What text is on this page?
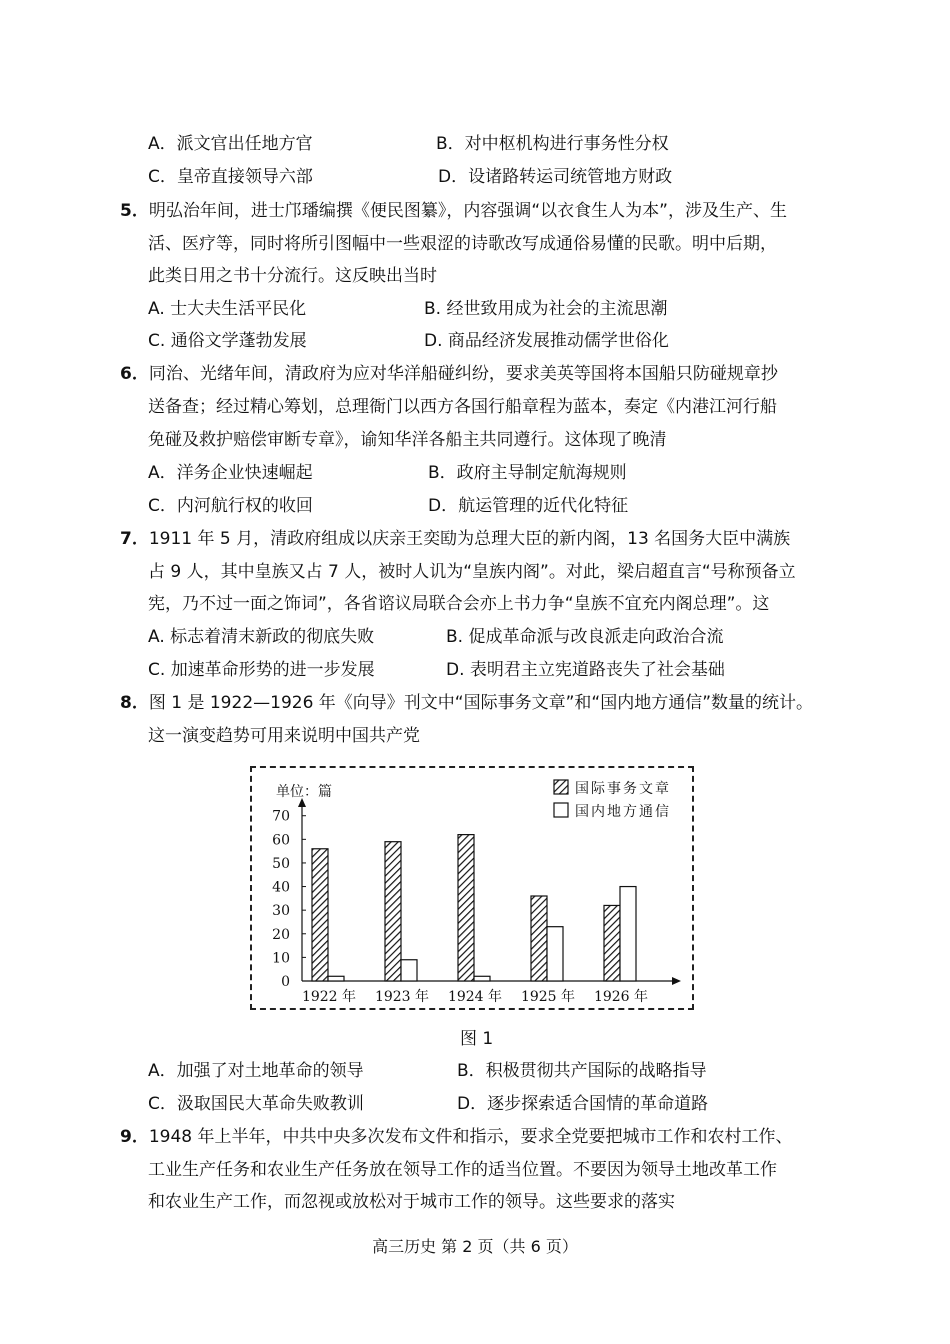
A．派文官出任地方官	B．对中枢机构进行事务性分权
C．皇帝直接领导六部	D．设诸路转运司统管地方财政
5．明弘治年间，进士邝璠编撰《便民图纂》，内容强调“以衣食生人为本”，涉及生产、生
活、医疗等，同时将所引图幅中一些艰涩的诗歌改写成通俗易懂的民歌。明中后期，
此类日用之书十分流行。这反映出当时
A. 士大夫生活平民化	B. 经世致用成为社会的主流思潮
C. 通俗文学蓬勃发展	D. 商品经济发展推动儒学世俗化
6．同治、光绪年间，清政府为应对华洋船碰纠纷，要求美英等国将本国船只防碰规章抄
送备查；经过精心筹划，总理衙门以西方各国行船章程为蓝本，奏定《内港江河行船
免碰及救护赔偿审断专章》，谕知华洋各船主共同遵行。这体现了晚清
A．洋务企业快速崛起	B．政府主导制定航海规则
C．内河航行权的收回	D．航运管理的近代化特征
7．1911 年 5 月，清政府组成以庆亲王奕劻为总理大臣的新内阁，13 名国务大臣中满族
占 9 人，其中皇族又占 7 人，被时人讥为“皇族内阁”。对此，梁启超直言“号称预备立
宪，乃不过一面之饰词”，各省谘议局联合会亦上书力争“皇族不宜充内阁总理”。这
A. 标志着清末新政的彻底失败	B. 促成革命派与改良派走向政治合流
C. 加速革命形势的进一步发展	D. 表明君主立宪道路丧失了社会基础
8．图 1 是 1922—1926 年《向导》刊文中“国际事务文章”和“国内地方通信”数量的统计。
这一演变趋势可用来说明中国共产党
单位：篇
0
10
20
30
40
50
60
70
1922 年 1923 年 1924 年 1925 年 1926 年
国际事务文章
国内地方通信
图 1
A．加强了对土地革命的领导	B．积极贯彻共产国际的战略指导
C．汲取国民大革命失败教训	D．逐步探索适合国情的革命道路
9．1948 年上半年，中共中央多次发布文件和指示，要求全党要把城市工作和农村工作、
工业生产任务和农业生产任务放在领导工作的适当位置。不要因为领导土地改革工作
和农业生产工作，而忽视或放松对于城市工作的领导。这些要求的落实
高三历史 第 2 页（共 6 页）
